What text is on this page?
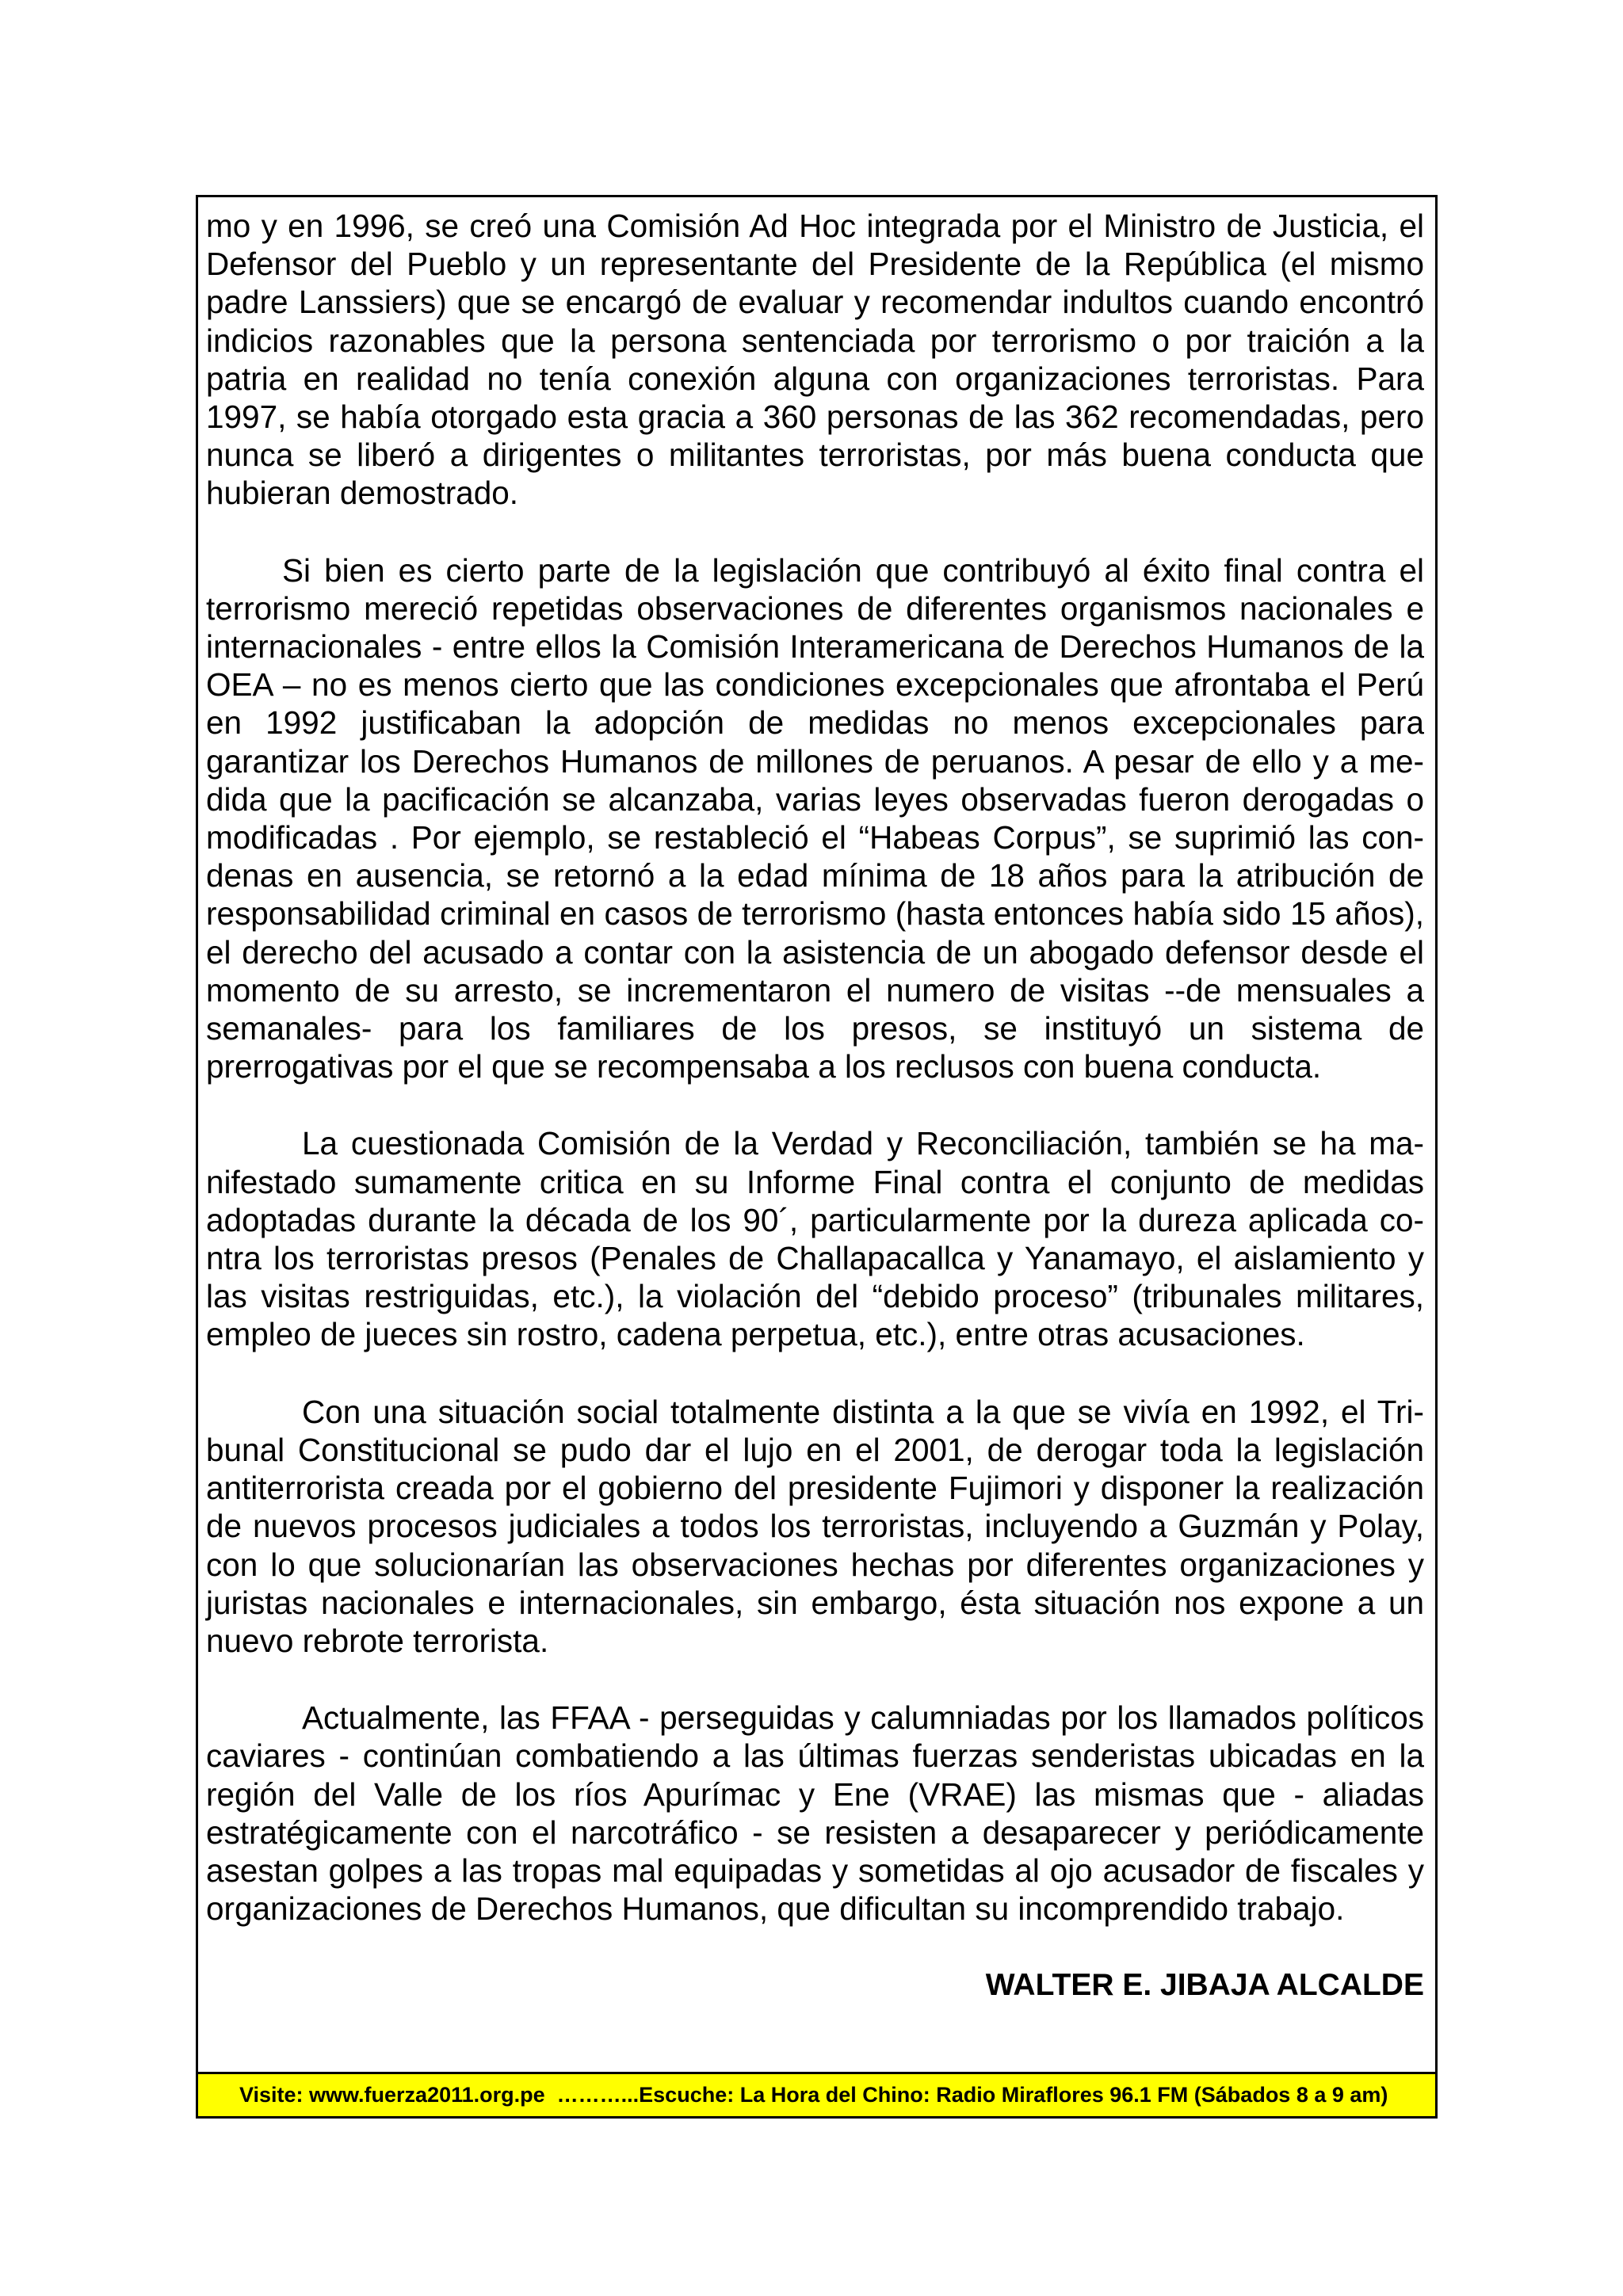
mo y en 1996, se creó una Comisión Ad Hoc integrada por el Ministro de Justicia, el Defensor del Pueblo y un representante del Presidente de la República (el mismo padre Lanssiers) que se encargó de evaluar y recomendar indultos cuando encontró indicios razonables que la persona sentenciada por terrorismo o por traición a la patria en realidad no tenía conexión alguna con organizaciones terroristas. Para 1997, se había otorgado esta gracia a 360 personas de las 362 recomendadas, pero nunca se liberó a dirigentes o militantes terroristas, por más buena conducta que hubieran demostrado.

Si bien es cierto parte de la legislación que contribuyó al éxito final contra el terrorismo mereció repetidas observaciones de diferentes organismos nacionales e internacionales - entre ellos la Comisión Interamericana de Derechos Humanos de la OEA – no es menos cierto que las condiciones excepcionales que afrontaba el Perú en 1992 justificaban la adopción de medidas no menos excepcionales para garantizar los Derechos Humanos de millones de peruanos. A pesar de ello y a medida que la pacificación se alcanzaba, varias leyes observadas fueron derogadas o modificadas . Por ejemplo, se restableció el “Habeas Corpus”, se suprimió las condenas en ausencia, se retornó a la edad mínima de 18 años para la atribución de responsabilidad criminal en casos de terrorismo (hasta entonces había sido 15 años), el derecho del acusado a contar con la asistencia de un abogado defensor desde el momento de su arresto, se incrementaron el numero de visitas --de mensuales a semanales- para los familiares de los presos, se instituyó un sistema de prerrogativas por el que se recompensaba a los reclusos con buena conducta.

La cuestionada Comisión de la Verdad y Reconciliación, también se ha manifestado sumamente critica en su Informe Final contra el conjunto de medidas adoptadas durante la década de los 90´, particularmente por la dureza aplicada contra los terroristas presos (Penales de Challapacallca y Yanamayo, el aislamiento y las visitas restriguidas, etc.), la violación del “debido proceso” (tribunales militares, empleo de jueces sin rostro, cadena perpetua, etc.), entre otras acusaciones.

Con una situación social totalmente distinta a la que se vivía en 1992, el Tribunal Constitucional se pudo dar el lujo en el 2001, de derogar toda la legislación antiterrorista creada por el gobierno del presidente Fujimori y disponer la realización de nuevos procesos judiciales a todos los terroristas, incluyendo a Guzmán y Polay, con lo que solucionarían las observaciones hechas por diferentes organizaciones y juristas nacionales e internacionales, sin embargo, ésta situación nos expone a un nuevo rebrote terrorista.

Actualmente, las FFAA - perseguidas y calumniadas por los llamados políticos caviares - continúan combatiendo a las últimas fuerzas senderistas ubicadas en la región del Valle de los ríos Apurímac y Ene (VRAE) las mismas que - aliadas estratégicamente con el narcotráfico - se resisten a desaparecer y periódicamente asestan golpes a las tropas mal equipadas y sometidas al ojo acusador de fiscales y organizaciones de Derechos Humanos, que dificultan su incomprendido trabajo.

WALTER E. JIBAJA ALCALDE
Visite: www.fuerza2011.org.pe  ………...Escuche: La Hora del Chino: Radio Miraflores 96.1 FM (Sábados 8 a 9 am)
